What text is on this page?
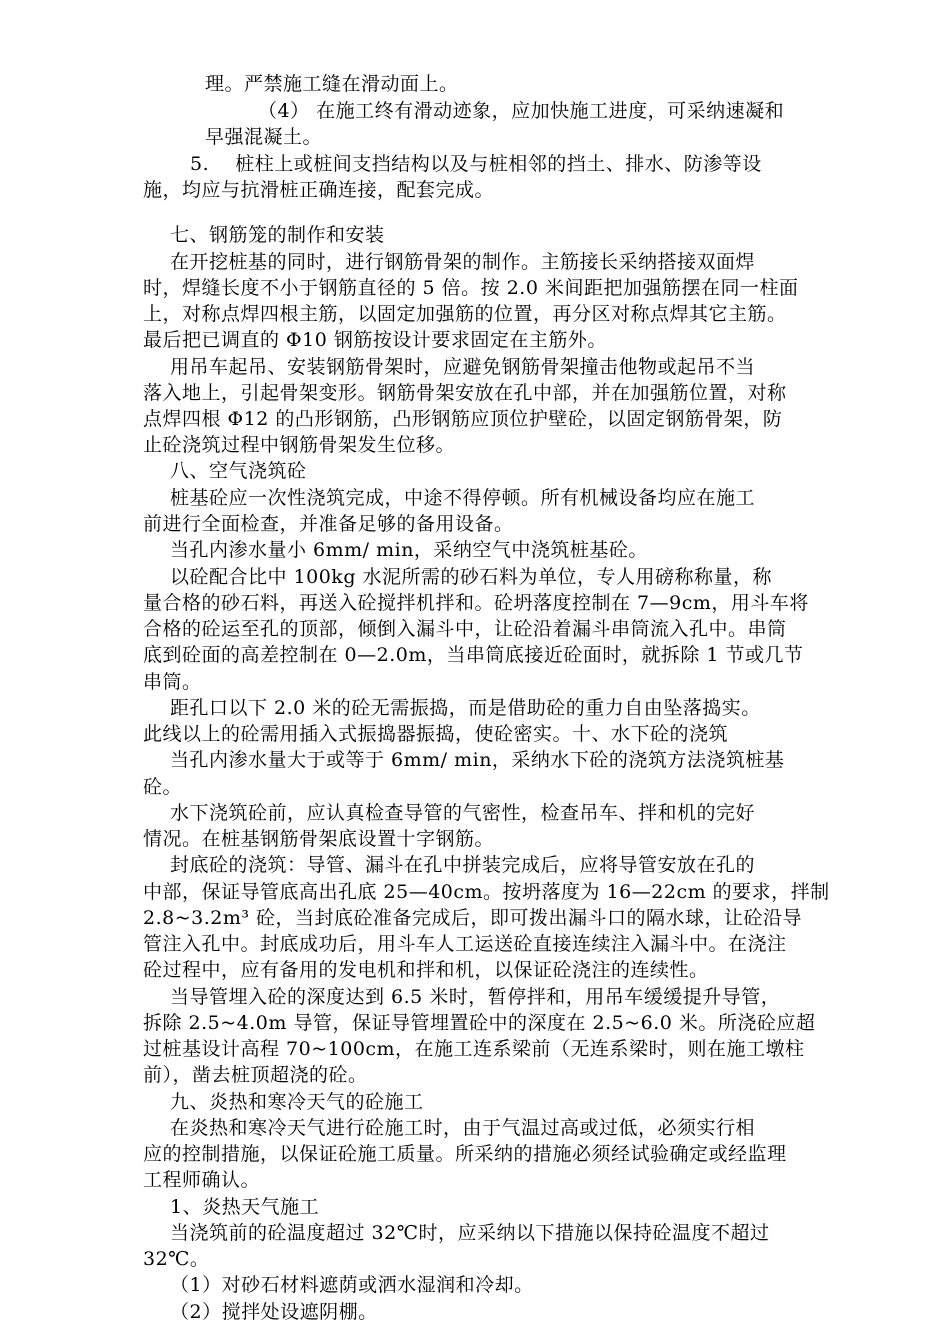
理。严禁施工缝在滑动面上。
（4） 在施工终有滑动迹象，应加快施工进度，可采纳速凝和
早强混凝土。
5.    桩柱上或桩间支挡结构以及与桩相邻的挡土、排水、防渗等设
施，均应与抗滑桩正确连接，配套完成。
七、钢筋笼的制作和安装
在开挖桩基的同时，进行钢筋骨架的制作。主筋接长采纳搭接双面焊
时，焊缝长度不小于钢筋直径的 5 倍。按 2.0 米间距把加强筋摆在同一柱面
上，对称点焊四根主筋，以固定加强筋的位置，再分区对称点焊其它主筋。
最后把已调直的 Φ10 钢筋按设计要求固定在主筋外。
用吊车起吊、安装钢筋骨架时，应避免钢筋骨架撞击他物或起吊不当
落入地上，引起骨架变形。钢筋骨架安放在孔中部，并在加强筋位置，对称
点焊四根 Φ12 的凸形钢筋，凸形钢筋应顶位护壁砼，以固定钢筋骨架，防
止砼浇筑过程中钢筋骨架发生位移。
八、空气浇筑砼
桩基砼应一次性浇筑完成，中途不得停顿。所有机械设备均应在施工
前进行全面检查，并准备足够的备用设备。
当孔内渗水量小 6mm/ min，采纳空气中浇筑桩基砼。
以砼配合比中 100kg 水泥所需的砂石料为单位，专人用磅称称量，称
量合格的砂石料，再送入砼搅拌机拌和。砼坍落度控制在 7—9cm，用斗车将
合格的砼运至孔的顶部，倾倒入漏斗中，让砼沿着漏斗串筒流入孔中。串筒
底到砼面的高差控制在 0—2.0m，当串筒底接近砼面时，就拆除 1 节或几节
串筒。
距孔口以下 2.0 米的砼无需振捣，而是借助砼的重力自由坠落捣实。
此线以上的砼需用插入式振捣器振捣，使砼密实。十、水下砼的浇筑
当孔内渗水量大于或等于 6mm/ min，采纳水下砼的浇筑方法浇筑桩基
砼。
水下浇筑砼前，应认真检查导管的气密性，检查吊车、拌和机的完好
情况。在桩基钢筋骨架底设置十字钢筋。
封底砼的浇筑：导管、漏斗在孔中拼装完成后，应将导管安放在孔的
中部，保证导管底高出孔底 25—40cm。按坍落度为 16—22cm 的要求，拌制
2.8~3.2m³ 砼，当封底砼准备完成后，即可拨出漏斗口的隔水球，让砼沿导
管注入孔中。封底成功后，用斗车人工运送砼直接连续注入漏斗中。在浇注
砼过程中，应有备用的发电机和拌和机，以保证砼浇注的连续性。
当导管埋入砼的深度达到 6.5 米时，暂停拌和，用吊车缓缓提升导管，
拆除 2.5~4.0m 导管，保证导管埋置砼中的深度在 2.5~6.0 米。所浇砼应超
过桩基设计高程 70~100cm，在施工连系梁前（无连系梁时，则在施工墩柱
前），凿去桩顶超浇的砼。
九、炎热和寒冷天气的砼施工
在炎热和寒冷天气进行砼施工时，由于气温过高或过低，必须实行相
应的控制措施，以保证砼施工质量。所采纳的措施必须经试验确定或经监理
工程师确认。
1、炎热天气施工
当浇筑前的砼温度超过 32℃时，应采纳以下措施以保持砼温度不超过
32℃。
（1）对砂石材料遮荫或洒水湿润和冷却。
（2）搅拌处设遮阴棚。
